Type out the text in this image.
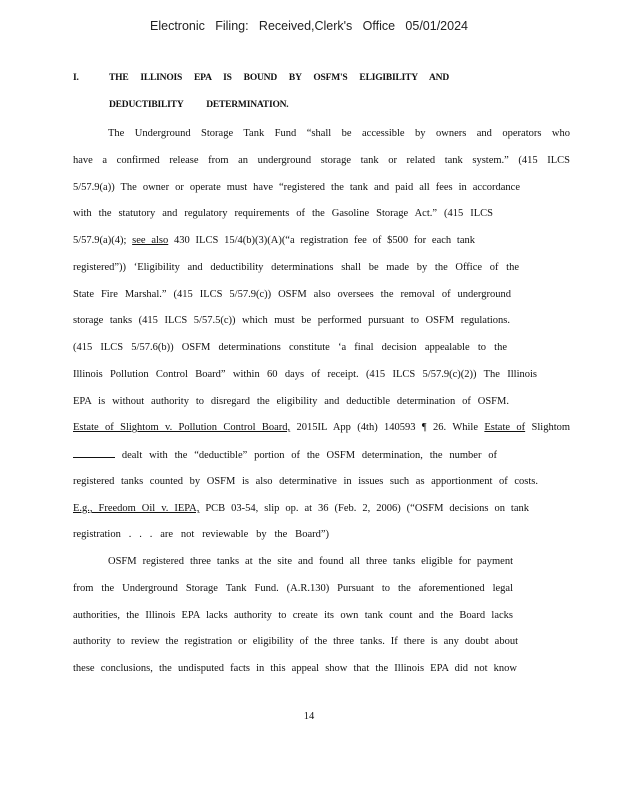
Electronic Filing: Received,Clerk's Office 05/01/2024
I.	THE ILLINOIS EPA IS BOUND BY OSFM'S ELIGIBILITY AND
DEDUCTIBILITY DETERMINATION.
The Underground Storage Tank Fund “shall be accessible by owners and operators who
have a confirmed release from an underground storage tank or related tank system.” (415 ILCS
5/57.9(a)) The owner or operate must have “registered the tank and paid all fees in accordance
with the statutory and regulatory requirements of the Gasoline Storage Act.” (415 ILCS
5/57.9(a)(4); see also 430 ILCS 15/4(b)(3)(A)(“a registration fee of $500 for each tank
registered”)) ‘Eligibility and deductibility determinations shall be made by the Office of the
State Fire Marshal.” (415 ILCS 5/57.9(c)) OSFM also oversees the removal of underground
storage tanks (415 ILCS 5/57.5(c)) which must be performed pursuant to OSFM regulations.
(415 ILCS 5/57.6(b)) OSFM determinations constitute ‘a final decision appealable to the
Illinois Pollution Control Board” within 60 days of receipt. (415 ILCS 5/57.9(c)(2)) The Illinois
EPA is without authority to disregard the eligibility and deductible determination of OSFM.
Estate of Slightom v. Pollution Control Board, 2015IL App (4th) 140593 ¶ 26. While Estate of Slightom
dealt with the “deductible” portion of the OSFM determination, the number of
registered tanks counted by OSFM is also determinative in issues such as apportionment of costs.
E.g., Freedom Oil v. IEPA, PCB 03-54, slip op. at 36 (Feb. 2, 2006) (“OSFM decisions on tank
registration . . . are not reviewable by the Board”)
OSFM registered three tanks at the site and found all three tanks eligible for payment
from the Underground Storage Tank Fund. (A.R.130) Pursuant to the aforementioned legal
authorities, the Illinois EPA lacks authority to create its own tank count and the Board lacks
authority to review the registration or eligibility of the three tanks. If there is any doubt about
these conclusions, the undisputed facts in this appeal show that the Illinois EPA did not know
14
